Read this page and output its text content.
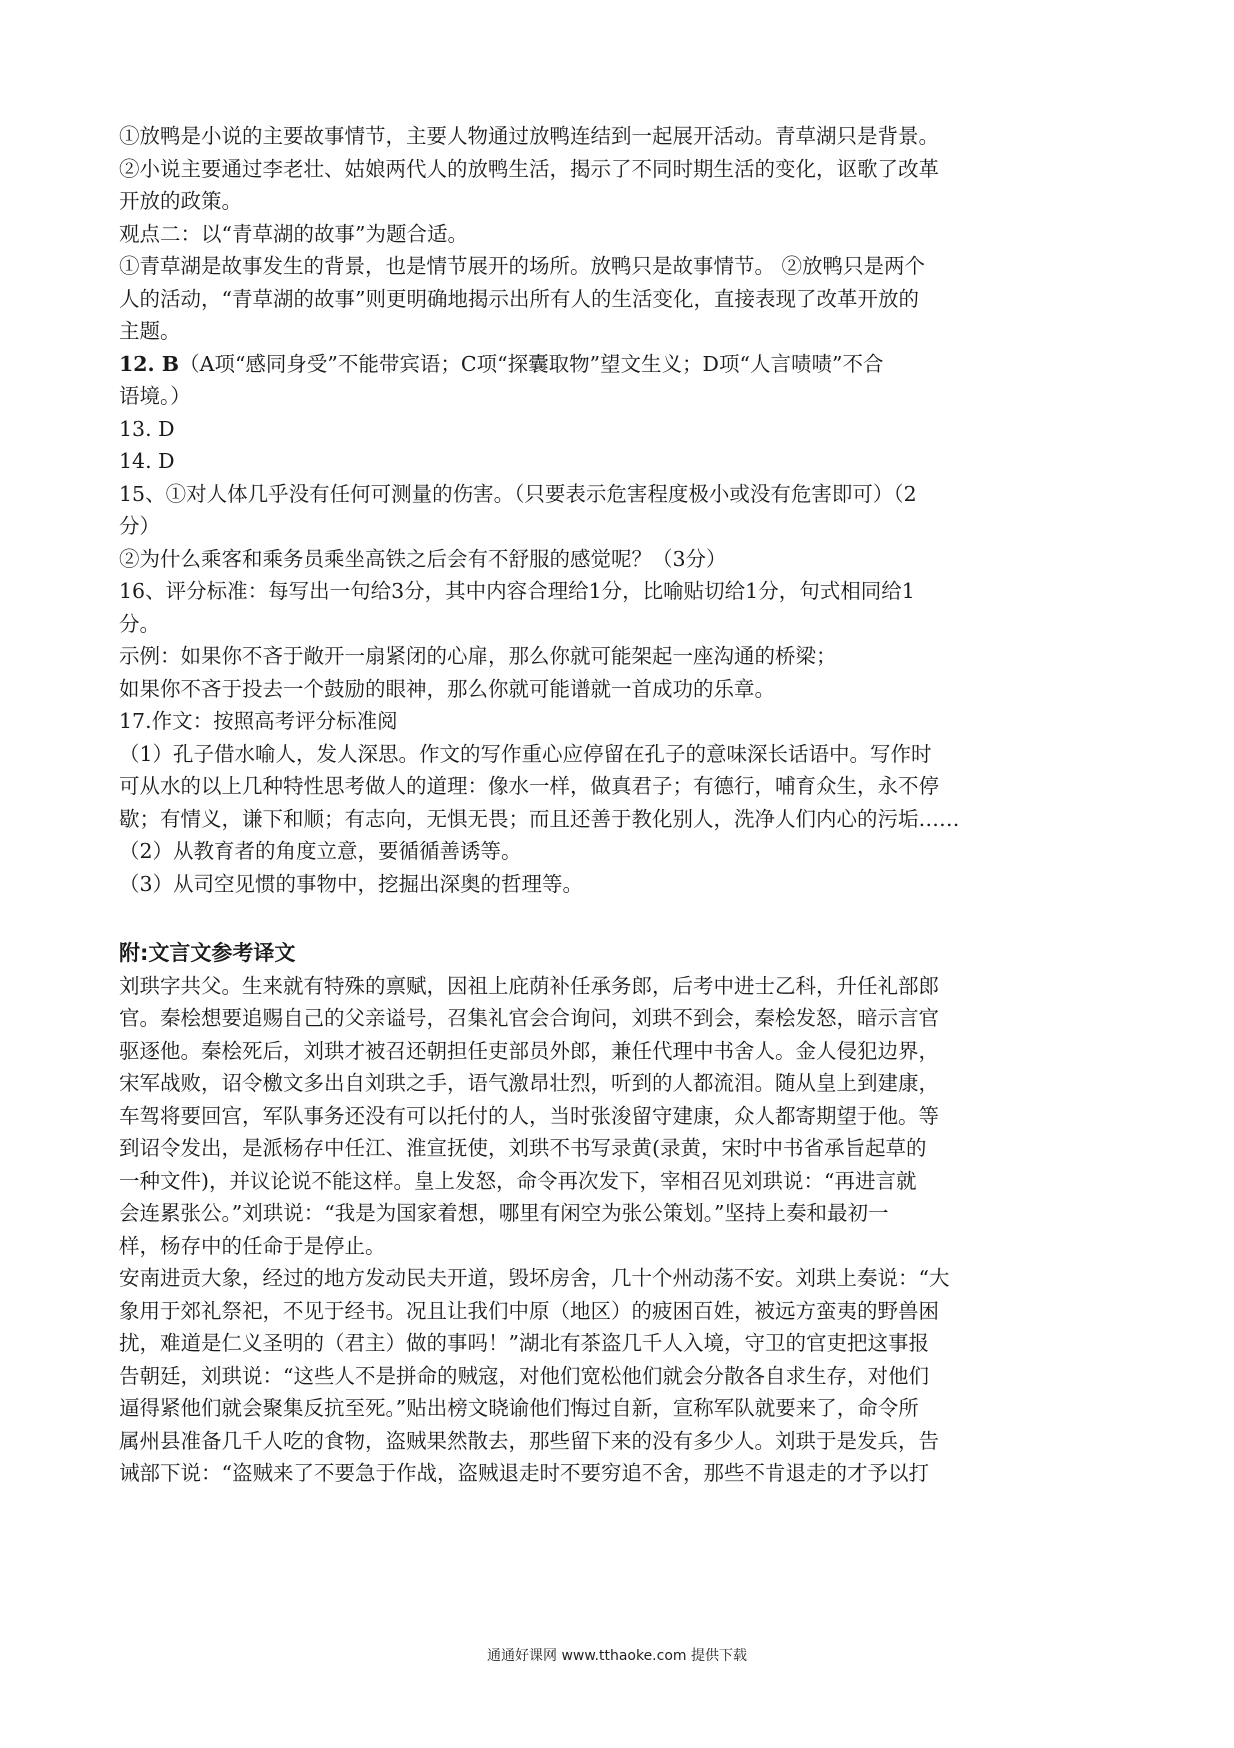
①放鸭是小说的主要故事情节，主要人物通过放鸭连结到一起展开活动。青草湖只是背景。

②小说主要通过李老壮、姑娘两代人的放鸭生活，揭示了不同时期生活的变化，讴歌了改革

开放的政策。

观点二：以“青草湖的故事”为题合适。

①青草湖是故事发生的背景，也是情节展开的场所。放鸭只是故事情节。 ②放鸭只是两个

人的活动，“青草湖的故事”则更明确地揭示出所有人的生活变化，直接表现了改革开放的

主题。

12. B（A项“感同身受”不能带宾语；C项“探囊取物”望文生义；D项“人言啧啧”不合

语境。）

13. D

14. D

15、①对人体几乎没有任何可测量的伤害。（只要表示危害程度极小或没有危害即可）（2

分）

②为什么乘客和乘务员乘坐高铁之后会有不舒服的感觉呢？（3分）

16、评分标准：每写出一句给3分，其中内容合理给1分，比喻贴切给1分，句式相同给1

分。

示例：如果你不吝于敞开一扇紧闭的心扉，那么你就可能架起一座沟通的桥梁；

如果你不吝于投去一个鼓励的眼神，那么你就可能谱就一首成功的乐章。

17.作文：按照高考评分标准阅

（1）孔子借水喻人，发人深思。作文的写作重心应停留在孔子的意味深长话语中。写作时

可从水的以上几种特性思考做人的道理：像水一样，做真君子；有德行，哺育众生，永不停

歇；有情义，谦下和顺；有志向，无惧无畏；而且还善于教化别人，洗净人们内心的污垢……

（2）从教育者的角度立意，要循循善诱等。

（3）从司空见惯的事物中，挖掘出深奥的哲理等。

附:文言文参考译文

刘珙字共父。生来就有特殊的禀赋，因祖上庇荫补任承务郎，后考中进士乙科，升任礼部郎

官。秦桧想要追赐自己的父亲谥号，召集礼官会合询问，刘珙不到会，秦桧发怒，暗示言官

驱逐他。秦桧死后，刘珙才被召还朝担任吏部员外郎，兼任代理中书舍人。金人侵犯边界，

宋军战败，诏令檄文多出自刘珙之手，语气激昂壮烈，听到的人都流泪。随从皇上到建康，

车驾将要回宫，军队事务还没有可以托付的人，当时张浚留守建康，众人都寄期望于他。等

到诏令发出，是派杨存中任江、淮宣抚使，刘珙不书写录黄(录黄，宋时中书省承旨起草的

一种文件)，并议论说不能这样。皇上发怒，命令再次发下，宰相召见刘珙说：“再进言就

会连累张公。”刘珙说：“我是为国家着想，哪里有闲空为张公策划。”坚持上奏和最初一

样，杨存中的任命于是停止。

安南进贡大象，经过的地方发动民夫开道，毁坏房舍，几十个州动荡不安。刘珙上奏说：“大

象用于郊礼祭祀，不见于经书。况且让我们中原（地区）的疲困百姓，被远方蛮夷的野兽困

扰，难道是仁义圣明的（君主）做的事吗！”湖北有茶盗几千人入境，守卫的官吏把这事报

告朝廷，刘珙说：“这些人不是拼命的贼寇，对他们宽松他们就会分散各自求生存，对他们

逼得紧他们就会聚集反抗至死。”贴出榜文晓谕他们悔过自新，宣称军队就要来了，命令所

属州县准备几千人吃的食物，盗贼果然散去，那些留下来的没有多少人。刘珙于是发兵，告

诫部下说：“盗贼来了不要急于作战，盗贼退走时不要穷追不舍，那些不肯退走的才予以打

通通好课网 www.tthaoke.com 提供下载
